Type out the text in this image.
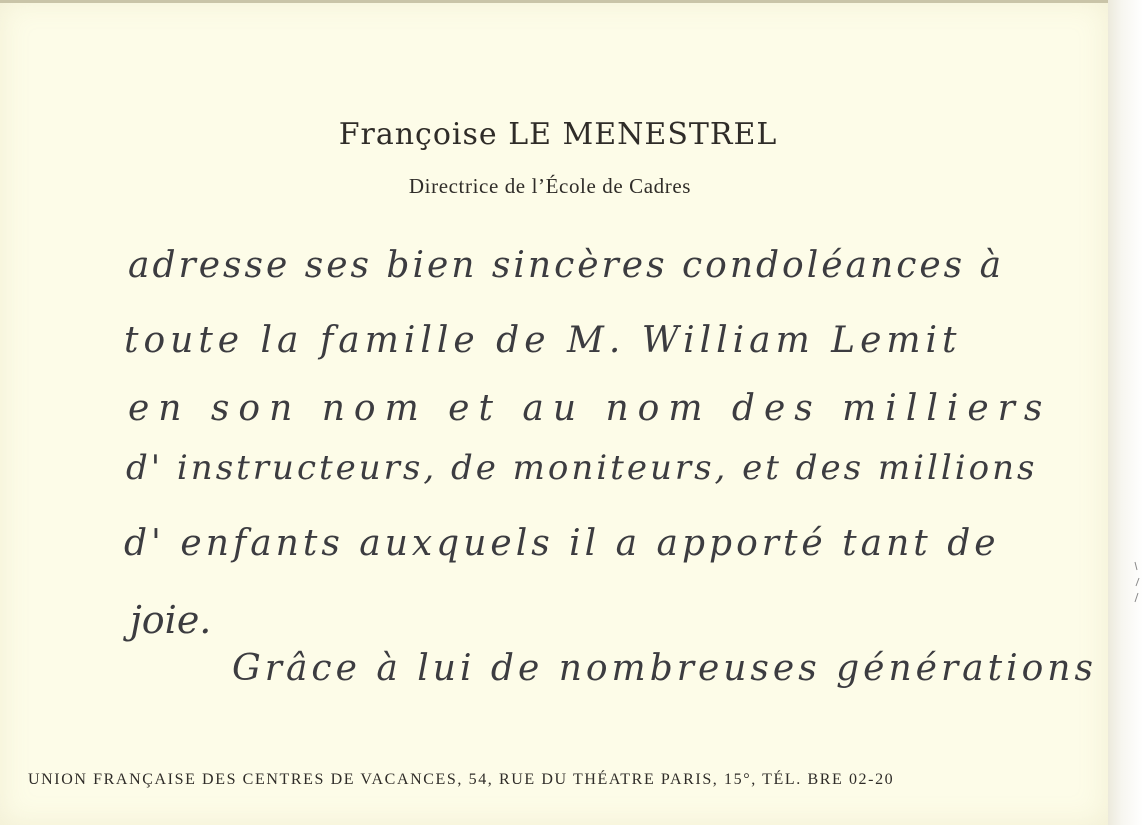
Françoise LE MENESTREL
Directrice de l’École de Cadres
adresse ses bien sincères condoléances à
toute la famille de M. William Lemit
en son nom et au nom des milliers
d' instructeurs, de moniteurs, et des millions
d' enfants auxquels il a apporté tant de
joie.
Grâce à lui de nombreuses générations
UNION FRANÇAISE DES CENTRES DE VACANCES, 54, RUE DU THÉATRE PARIS, 15°, TÉL. BRE 02-20
